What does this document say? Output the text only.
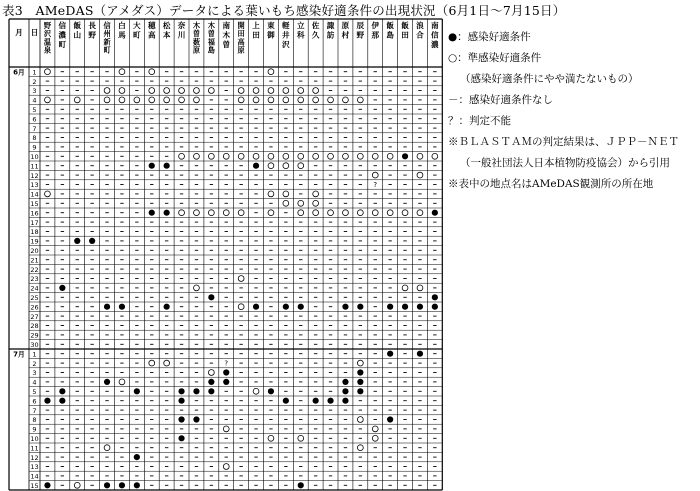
表3　AMeDAS（アメダス）データによる葉いもち感染好適条件の出現状況（6月1日～7月15日）
月 日
野
沢
温
泉
信
濃
町
飯
山
長
野
信
州
新
町
白
馬
大
町
穂
高
松
本
奈
川
木
曽
薮
原
木
曽
福
島
南
木
曽
開
田
高
原
上
田
東
御
軽
井
沢
立
科
佐
久
諏
訪
原
村
辰
野
伊
那
飯
島
飯
田
浪
合
南
信
濃
6月 1
2
3
4
5
6
7
8
9
10
11
12
13
14
15
16
17
18
19
20
21
22
23
24
25
26
27
28
29
30
7月 1
2
3
4
5
6
7
8
9
10
11
12
13
14
15
?
?
●：感染好適条件
○：準感染好適条件
（感染好適条件にやや満たないもの）
－：感染好適条件なし
？：判定不能
※ＢＬＡＳＴＡＭの判定結果は、ＪＰＰ－ＮＥＴ
（一般社団法人日本植物防疫協会）から引用
※表中の地点名はAMeDAS観測所の所在地
